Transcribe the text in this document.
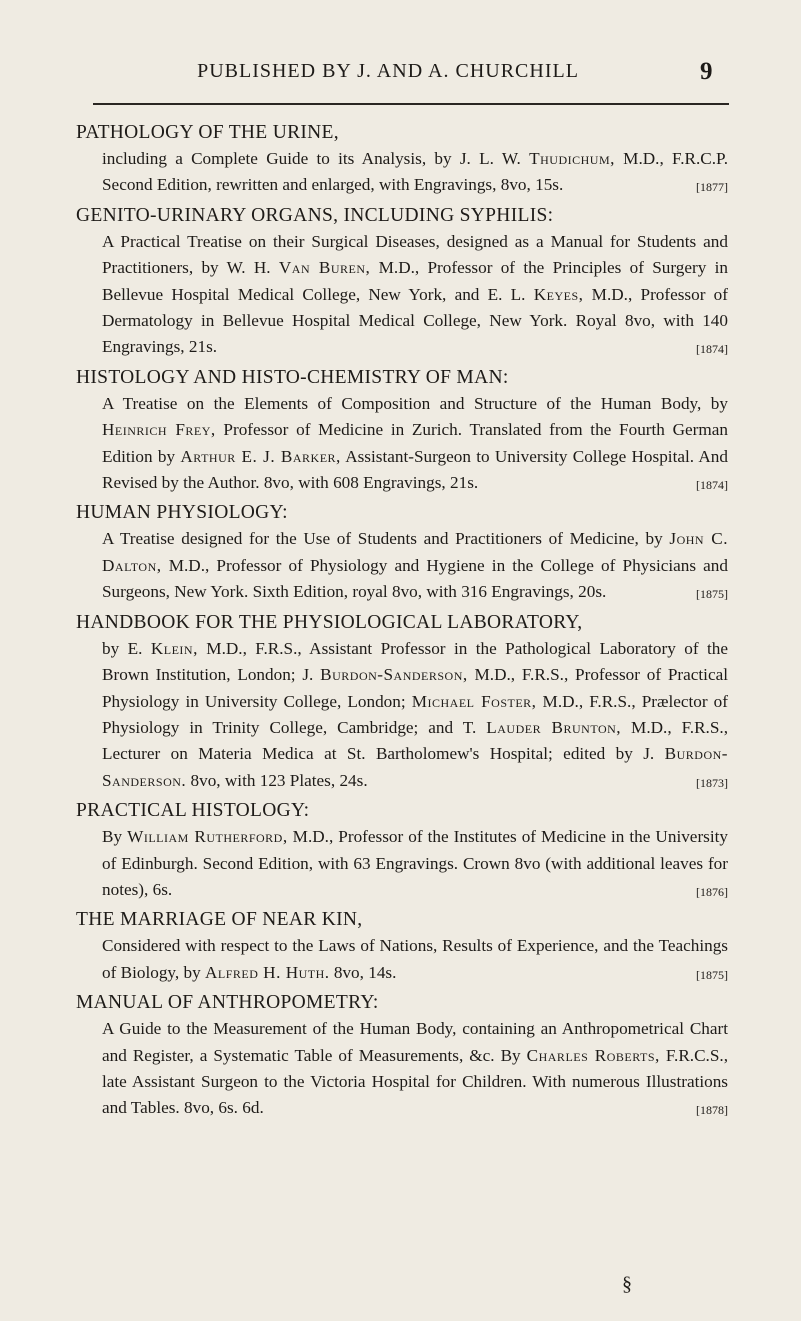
PUBLISHED BY J. AND A. CHURCHILL	9
PATHOLOGY OF THE URINE,
including a Complete Guide to its Analysis, by J. L. W. Thudichum, M.D., F.R.C.P. Second Edition, rewritten and enlarged, with Engravings, 8vo, 15s.	[1877]
GENITO-URINARY ORGANS, INCLUDING SYPHILIS:
A Practical Treatise on their Surgical Diseases, designed as a Manual for Students and Practitioners, by W. H. Van Buren, M.D., Professor of the Principles of Surgery in Bellevue Hospital Medical College, New York, and E. L. Keyes, M.D., Professor of Dermatology in Bellevue Hospital Medical College, New York. Royal 8vo, with 140 Engravings, 21s.	[1874]
HISTOLOGY AND HISTO-CHEMISTRY OF MAN:
A Treatise on the Elements of Composition and Structure of the Human Body, by Heinrich Frey, Professor of Medicine in Zurich. Translated from the Fourth German Edition by Arthur E. J. Barker, Assistant-Surgeon to University College Hospital. And Revised by the Author. 8vo, with 608 Engravings, 21s.	[1874]
HUMAN PHYSIOLOGY:
A Treatise designed for the Use of Students and Practitioners of Medicine, by John C. Dalton, M.D., Professor of Physiology and Hygiene in the College of Physicians and Surgeons, New York. Sixth Edition, royal 8vo, with 316 Engravings, 20s.	[1875]
HANDBOOK FOR THE PHYSIOLOGICAL LABORATORY,
by E. Klein, M.D., F.R.S., Assistant Professor in the Pathological Laboratory of the Brown Institution, London; J. Burdon-Sanderson, M.D., F.R.S., Professor of Practical Physiology in University College, London; Michael Foster, M.D., F.R.S., Prælector of Physiology in Trinity College, Cambridge; and T. Lauder Brunton, M.D., F.R.S., Lecturer on Materia Medica at St. Bartholomew's Hospital; edited by J. Burdon-Sanderson. 8vo, with 123 Plates, 24s.	[1873]
PRACTICAL HISTOLOGY:
By William Rutherford, M.D., Professor of the Institutes of Medicine in the University of Edinburgh. Second Edition, with 63 Engravings. Crown 8vo (with additional leaves for notes), 6s.	[1876]
THE MARRIAGE OF NEAR KIN,
Considered with respect to the Laws of Nations, Results of Experience, and the Teachings of Biology, by Alfred H. Huth. 8vo, 14s.	[1875]
MANUAL OF ANTHROPOMETRY:
A Guide to the Measurement of the Human Body, containing an Anthropometrical Chart and Register, a Systematic Table of Measurements, &c. By Charles Roberts, F.R.C.S., late Assistant Surgeon to the Victoria Hospital for Children. With numerous Illustrations and Tables. 8vo, 6s. 6d.	[1878]
§
